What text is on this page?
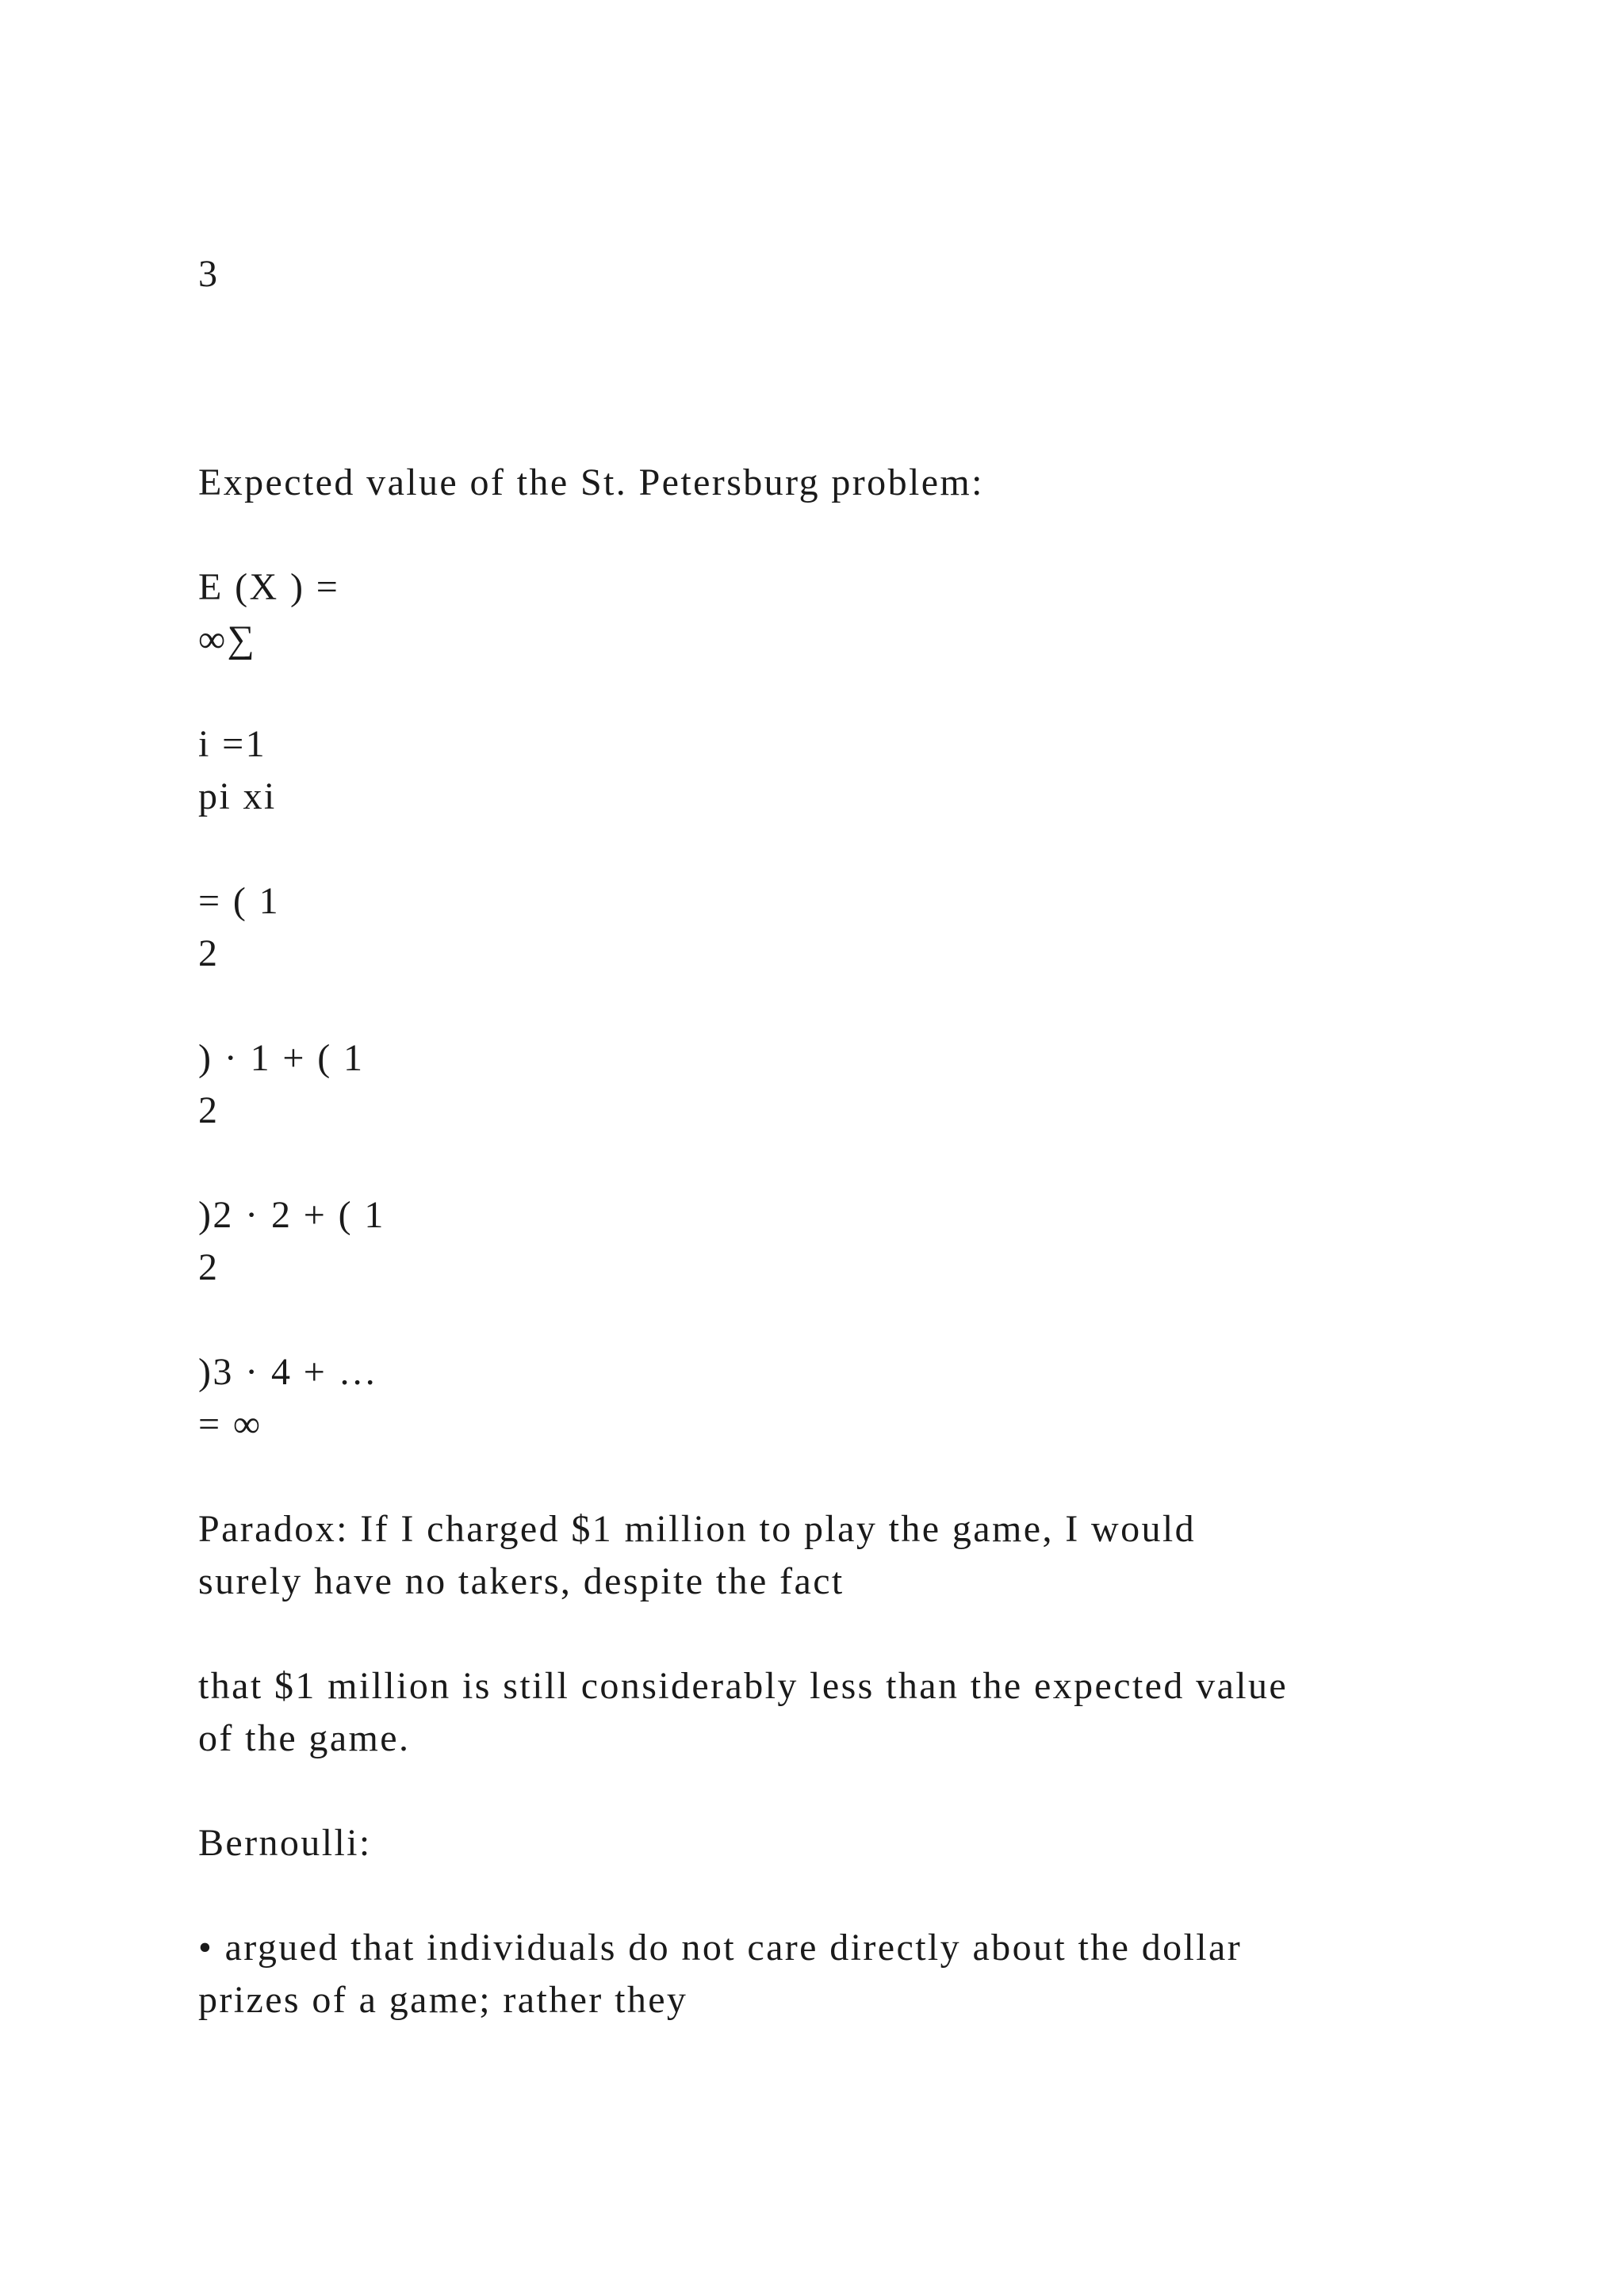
3

Expected value of the St. Petersburg problem:

E (X ) =

∞∑

i =1

pi xi

= ( 1

2

) · 1 + ( 1

2

)2 · 2 + ( 1

2

)3 · 4 + …

= ∞

Paradox: If I charged $1 million to play the game, I would

surely have no takers, despite the fact

that $1 million is still considerably less than the expected value

of the game.

Bernoulli:

• argued that individuals do not care directly about the dollar

prizes of a game; rather they
